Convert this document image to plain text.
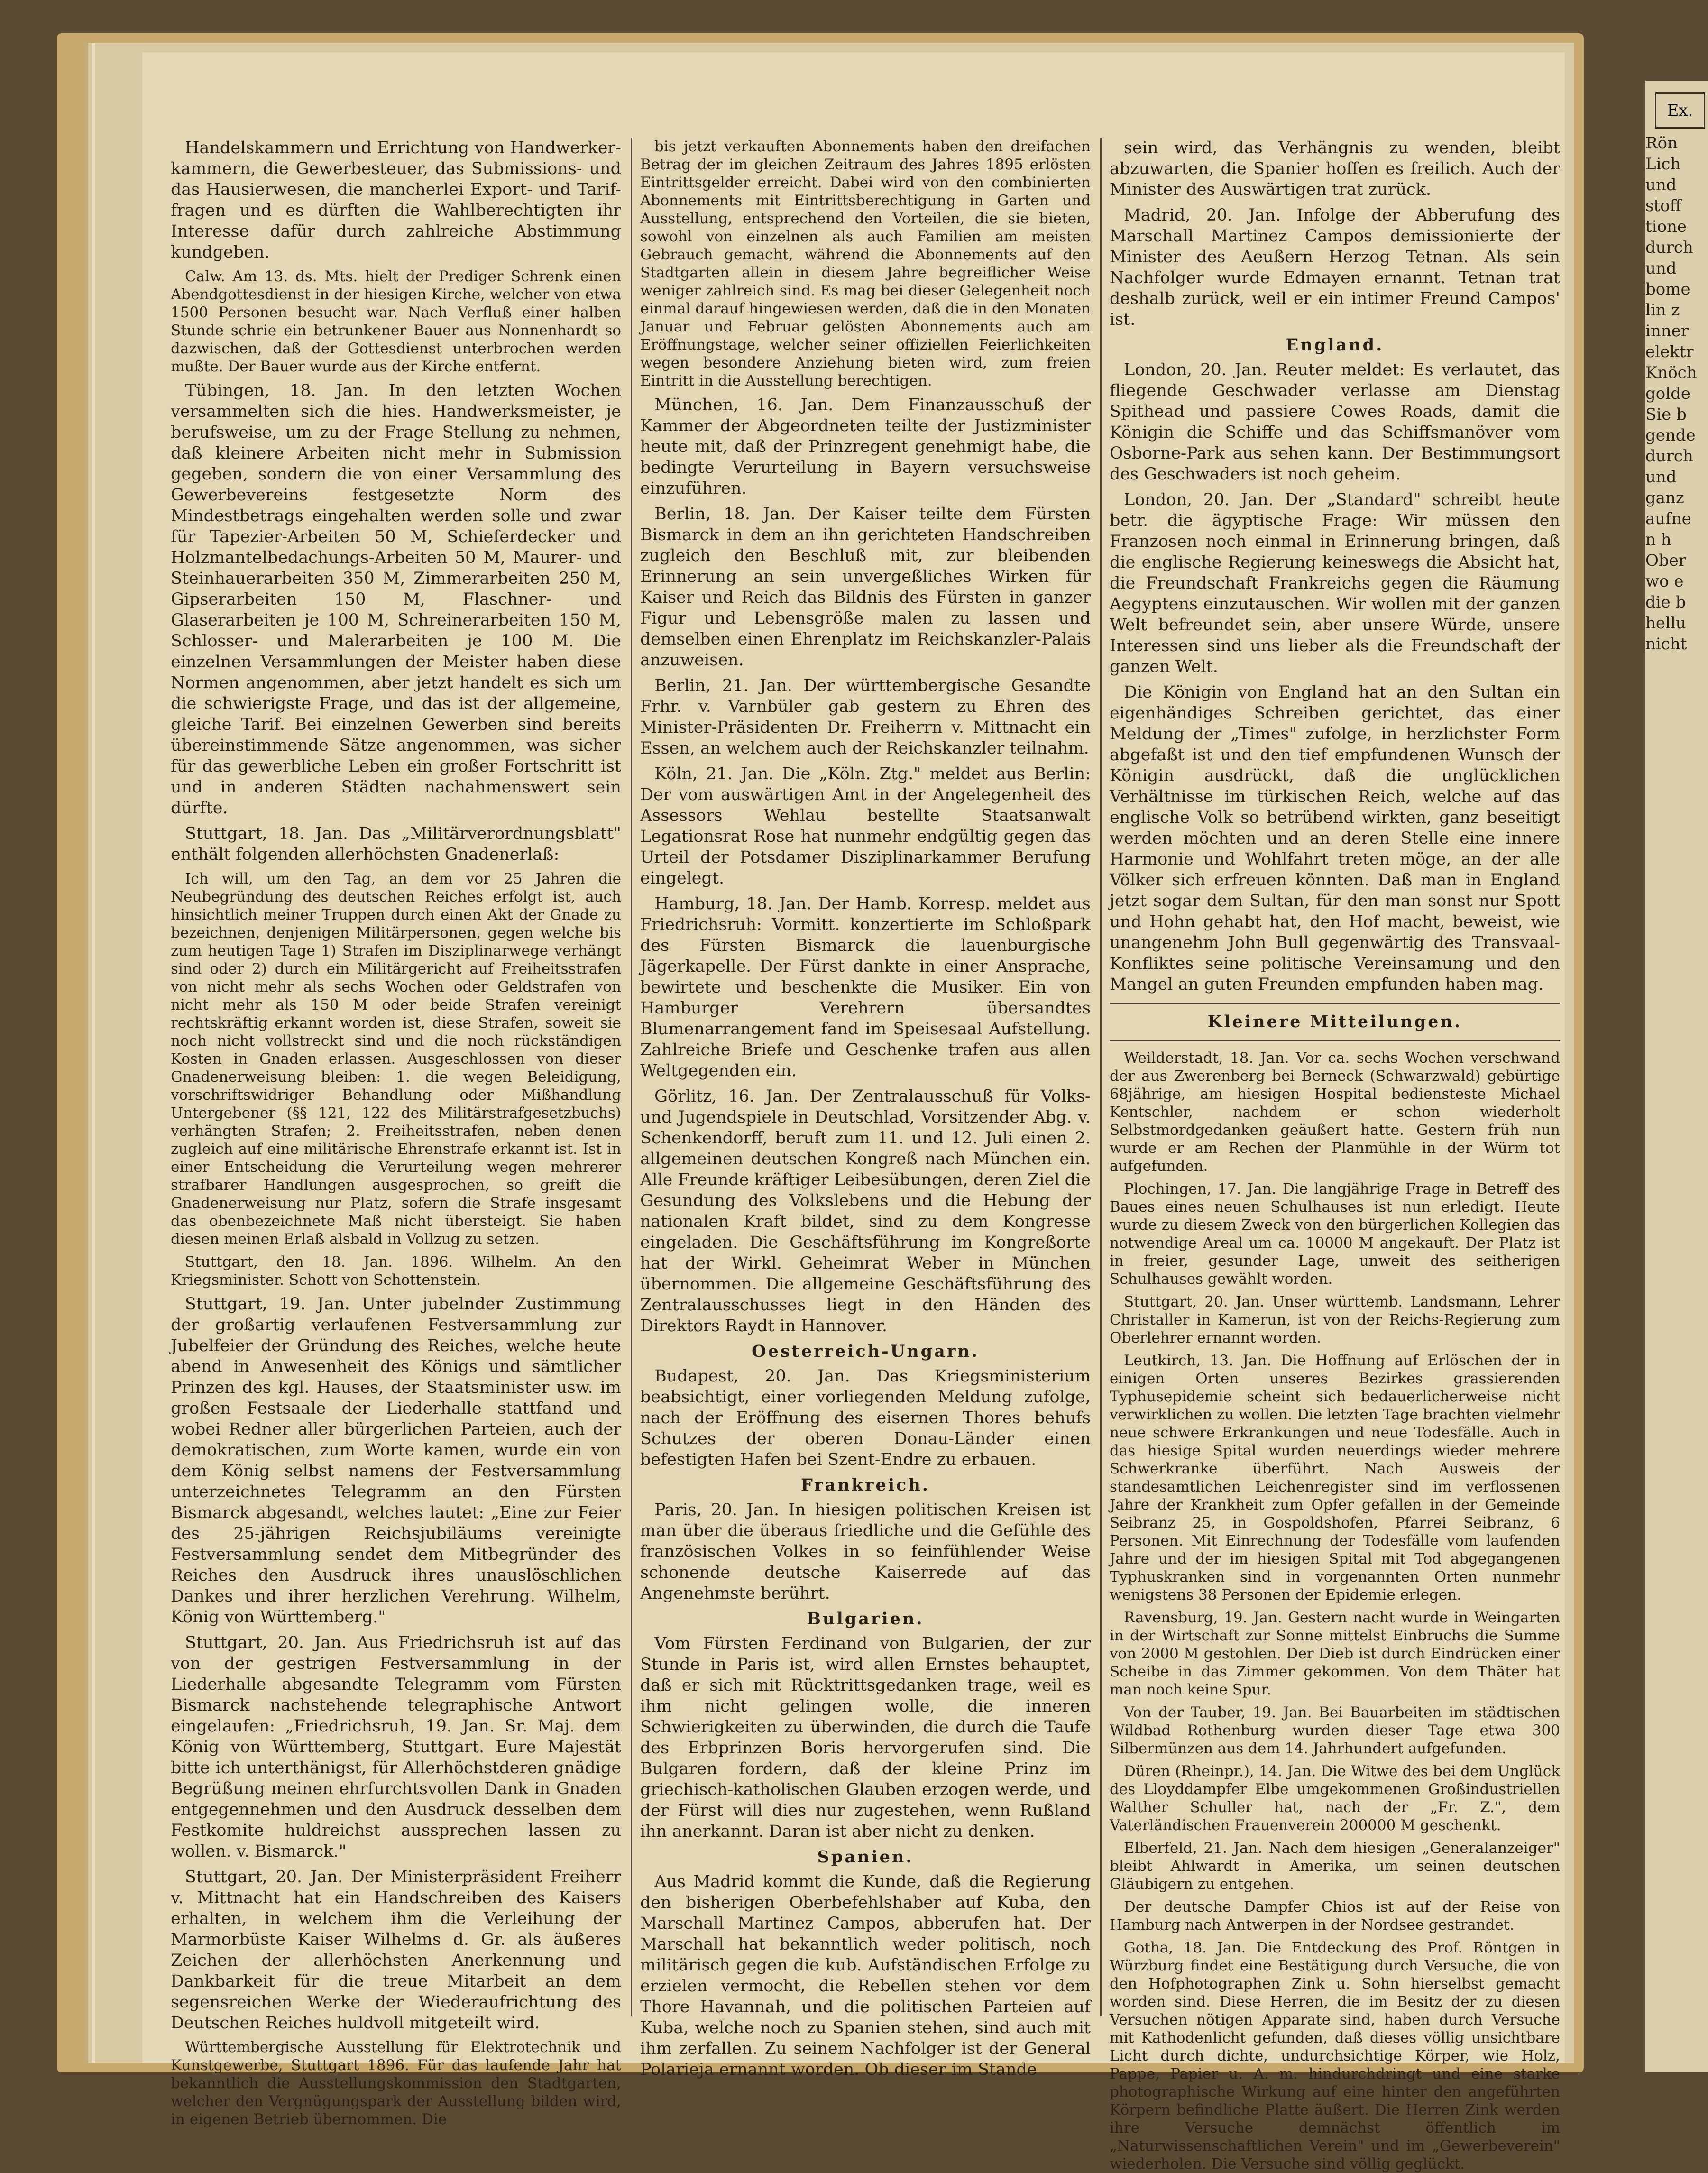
Handelskammern und Errichtung von Handwerker-kammern, die Gewerbesteuer, das Submissions- und das Hausierwesen, die mancherlei Export- und Tarif-fragen und es dürften die Wahlberechtigten ihr Interesse dafür durch zahlreiche Abstimmung kundgeben.

Calw. Am 13. ds. Mts. hielt der Prediger Schrenk einen Abendgottesdienst in der hiesigen Kirche, welcher von etwa 1500 Personen besucht war. Nach Verfluß einer halben Stunde schrie ein betrunkener Bauer aus Nonnenhardt so dazwischen, daß der Gottesdienst unterbrochen werden mußte. Der Bauer wurde aus der Kirche entfernt.

Tübingen, 18. Jan. In den letzten Wochen versammelten sich die hies. Handwerksmeister, je berufsweise, um zu der Frage Stellung zu nehmen, daß kleinere Arbeiten nicht mehr in Submission gegeben, sondern die von einer Versammlung des Gewerbevereins festgesetzte Norm des Mindestbetrags eingehalten werden solle und zwar für Tapezier-Arbeiten 50 M, Schieferdecker und Holzmantelbedachungs-Arbeiten 50 M, Maurer- und Steinhauerarbeiten 350 M, Zimmerarbeiten 250 M, Gipserarbeiten 150 M, Flaschner- und Glaserarbeiten je 100 M, Schreinerarbeiten 150 M, Schlosser- und Malerarbeiten je 100 M. Die einzelnen Versammlungen der Meister haben diese Normen angenommen, aber jetzt handelt es sich um die schwierigste Frage, und das ist der allgemeine, gleiche Tarif. Bei einzelnen Gewerben sind bereits übereinstimmende Sätze angenommen, was sicher für das gewerbliche Leben ein großer Fortschritt ist und in anderen Städten nachahmenswert sein dürfte.

Stuttgart, 18. Jan. Das „Militärverordnungsblatt" enthält folgenden allerhöchsten Gnadenerlaß:

Ich will, um den Tag, an dem vor 25 Jahren die Neubegründung des deutschen Reiches erfolgt ist, auch hinsichtlich meiner Truppen durch einen Akt der Gnade zu bezeichnen, denjenigen Militärpersonen, gegen welche bis zum heutigen Tage 1) Strafen im Disziplinarwege verhängt sind oder 2) durch ein Militärgericht auf Freiheitsstrafen von nicht mehr als sechs Wochen oder Geldstrafen von nicht mehr als 150 M oder beide Strafen vereinigt rechtskräftig erkannt worden ist, diese Strafen, soweit sie noch nicht vollstreckt sind und die noch rückständigen Kosten in Gnaden erlassen. Ausgeschlossen von dieser Gnadenerweisung bleiben: 1. die wegen Beleidigung, vorschriftswidriger Behandlung oder Mißhandlung Untergebener (§§ 121, 122 des Militärstrafgesetzbuchs) verhängten Strafen; 2. Freiheitsstrafen, neben denen zugleich auf eine militärische Ehrenstrafe erkannt ist. Ist in einer Entscheidung die Verurteilung wegen mehrerer strafbarer Handlungen ausgesprochen, so greift die Gnadenerweisung nur Platz, sofern die Strafe insgesamt das obenbezeichnete Maß nicht übersteigt. Sie haben diesen meinen Erlaß alsbald in Vollzug zu setzen.

Stuttgart, den 18. Jan. 1896. Wilhelm. An den Kriegsminister. Schott von Schottenstein.

Stuttgart, 19. Jan. Unter jubelnder Zustimmung der großartig verlaufenen Festversammlung zur Jubelfeier der Gründung des Reiches, welche heute abend in Anwesenheit des Königs und sämtlicher Prinzen des kgl. Hauses, der Staatsminister usw. im großen Festsaale der Liederhalle stattfand und wobei Redner aller bürgerlichen Parteien, auch der demokratischen, zum Worte kamen, wurde ein von dem König selbst namens der Festversammlung unterzeichnetes Telegramm an den Fürsten Bismarck abgesandt, welches lautet: „Eine zur Feier des 25-jährigen Reichsjubiläums vereinigte Festversammlung sendet dem Mitbegründer des Reiches den Ausdruck ihres unauslöschlichen Dankes und ihrer herzlichen Verehrung. Wilhelm, König von Württemberg."

Stuttgart, 20. Jan. Aus Friedrichsruh ist auf das von der gestrigen Festversammlung in der Liederhalle abgesandte Telegramm vom Fürsten Bismarck nachstehende telegraphische Antwort eingelaufen: „Friedrichsruh, 19. Jan. Sr. Maj. dem König von Württemberg, Stuttgart. Eure Majestät bitte ich unterthänigst, für Allerhöchstderen gnädige Begrüßung meinen ehrfurchtsvollen Dank in Gnaden entgegennehmen und den Ausdruck desselben dem Festkomite huldreichst aussprechen lassen zu wollen. v. Bismarck."

Stuttgart, 20. Jan. Der Ministerpräsident Freiherr v. Mittnacht hat ein Handschreiben des Kaisers erhalten, in welchem ihm die Verleihung der Marmorbüste Kaiser Wilhelms d. Gr. als äußeres Zeichen der allerhöchsten Anerkennung und Dankbarkeit für die treue Mitarbeit an dem segensreichen Werke der Wiederaufrichtung des Deutschen Reiches huldvoll mitgeteilt wird.

Württembergische Ausstellung für Elektrotechnik und Kunstgewerbe, Stuttgart 1896. Für das laufende Jahr hat bekanntlich die Ausstellungskommission den Stadtgarten, welcher den Vergnügungspark der Ausstellung bilden wird, in eigenen Betrieb übernommen. Die

bis jetzt verkauften Abonnements haben den dreifachen Betrag der im gleichen Zeitraum des Jahres 1895 erlösten Eintrittsgelder erreicht. Dabei wird von den combinierten Abonnements mit Eintrittsberechtigung in Garten und Ausstellung, entsprechend den Vorteilen, die sie bieten, sowohl von einzelnen als auch Familien am meisten Gebrauch gemacht, während die Abonnements auf den Stadtgarten allein in diesem Jahre begreiflicher Weise weniger zahlreich sind. Es mag bei dieser Gelegenheit noch einmal darauf hingewiesen werden, daß die in den Monaten Januar und Februar gelösten Abonnements auch am Eröffnungstage, welcher seiner offiziellen Feierlichkeiten wegen besondere Anziehung bieten wird, zum freien Eintritt in die Ausstellung berechtigen.

München, 16. Jan. Dem Finanzausschuß der Kammer der Abgeordneten teilte der Justizminister heute mit, daß der Prinzregent genehmigt habe, die bedingte Verurteilung in Bayern versuchsweise einzuführen.

Berlin, 18. Jan. Der Kaiser teilte dem Fürsten Bismarck in dem an ihn gerichteten Handschreiben zugleich den Beschluß mit, zur bleibenden Erinnerung an sein unvergeßliches Wirken für Kaiser und Reich das Bildnis des Fürsten in ganzer Figur und Lebensgröße malen zu lassen und demselben einen Ehrenplatz im Reichskanzler-Palais anzuweisen.

Berlin, 21. Jan. Der württembergische Gesandte Frhr. v. Varnbüler gab gestern zu Ehren des Minister-Präsidenten Dr. Freiherrn v. Mittnacht ein Essen, an welchem auch der Reichskanzler teilnahm.

Köln, 21. Jan. Die „Köln. Ztg." meldet aus Berlin: Der vom auswärtigen Amt in der Angelegenheit des Assessors Wehlau bestellte Staatsanwalt Legationsrat Rose hat nunmehr endgültig gegen das Urteil der Potsdamer Disziplinarkammer Berufung eingelegt.

Hamburg, 18. Jan. Der Hamb. Korresp. meldet aus Friedrichsruh: Vormitt. konzertierte im Schloßpark des Fürsten Bismarck die lauenburgische Jägerkapelle. Der Fürst dankte in einer Ansprache, bewirtete und beschenkte die Musiker. Ein von Hamburger Verehrern übersandtes Blumenarrangement fand im Speisesaal Aufstellung. Zahlreiche Briefe und Geschenke trafen aus allen Weltgegenden ein.

Görlitz, 16. Jan. Der Zentralausschuß für Volks- und Jugendspiele in Deutschlad, Vorsitzender Abg. v. Schenkendorff, beruft zum 11. und 12. Juli einen 2. allgemeinen deutschen Kongreß nach München ein. Alle Freunde kräftiger Leibesübungen, deren Ziel die Gesundung des Volkslebens und die Hebung der nationalen Kraft bildet, sind zu dem Kongresse eingeladen. Die Geschäftsführung im Kongreßorte hat der Wirkl. Geheimrat Weber in München übernommen. Die allgemeine Geschäftsführung des Zentralausschusses liegt in den Händen des Direktors Raydt in Hannover.

Oesterreich-Ungarn.

Budapest, 20. Jan. Das Kriegsministerium beabsichtigt, einer vorliegenden Meldung zufolge, nach der Eröffnung des eisernen Thores behufs Schutzes der oberen Donau-Länder einen befestigten Hafen bei Szent-Endre zu erbauen.

Frankreich.

Paris, 20. Jan. In hiesigen politischen Kreisen ist man über die überaus friedliche und die Gefühle des französischen Volkes in so feinfühlender Weise schonende deutsche Kaiserrede auf das Angenehmste berührt.

Bulgarien.

Vom Fürsten Ferdinand von Bulgarien, der zur Stunde in Paris ist, wird allen Ernstes behauptet, daß er sich mit Rücktrittsgedanken trage, weil es ihm nicht gelingen wolle, die inneren Schwierigkeiten zu überwinden, die durch die Taufe des Erbprinzen Boris hervorgerufen sind. Die Bulgaren fordern, daß der kleine Prinz im griechisch-katholischen Glauben erzogen werde, und der Fürst will dies nur zugestehen, wenn Rußland ihn anerkannt. Daran ist aber nicht zu denken.

Spanien.

Aus Madrid kommt die Kunde, daß die Regierung den bisherigen Oberbefehlshaber auf Kuba, den Marschall Martinez Campos, abberufen hat. Der Marschall hat bekanntlich weder politisch, noch militärisch gegen die kub. Aufständischen Erfolge zu erzielen vermocht, die Rebellen stehen vor dem Thore Havannah, und die politischen Parteien auf Kuba, welche noch zu Spanien stehen, sind auch mit ihm zerfallen. Zu seinem Nachfolger ist der General Polarieja ernannt worden. Ob dieser im Stande

sein wird, das Verhängnis zu wenden, bleibt abzuwarten, die Spanier hoffen es freilich. Auch der Minister des Auswärtigen trat zurück.

Madrid, 20. Jan. Infolge der Abberufung des Marschall Martinez Campos demissionierte der Minister des Aeußern Herzog Tetnan. Als sein Nachfolger wurde Edmayen ernannt. Tetnan trat deshalb zurück, weil er ein intimer Freund Campos' ist.

England.

London, 20. Jan. Reuter meldet: Es verlautet, das fliegende Geschwader verlasse am Dienstag Spithead und passiere Cowes Roads, damit die Königin die Schiffe und das Schiffsmanöver vom Osborne-Park aus sehen kann. Der Bestimmungsort des Geschwaders ist noch geheim.

London, 20. Jan. Der „Standard" schreibt heute betr. die ägyptische Frage: Wir müssen den Franzosen noch einmal in Erinnerung bringen, daß die englische Regierung keineswegs die Absicht hat, die Freundschaft Frankreichs gegen die Räumung Aegyptens einzutauschen. Wir wollen mit der ganzen Welt befreundet sein, aber unsere Würde, unsere Interessen sind uns lieber als die Freundschaft der ganzen Welt.

Die Königin von England hat an den Sultan ein eigenhändiges Schreiben gerichtet, das einer Meldung der „Times" zufolge, in herzlichster Form abgefaßt ist und den tief empfundenen Wunsch der Königin ausdrückt, daß die unglücklichen Verhältnisse im türkischen Reich, welche auf das englische Volk so betrübend wirkten, ganz beseitigt werden möchten und an deren Stelle eine innere Harmonie und Wohlfahrt treten möge, an der alle Völker sich erfreuen könnten. Daß man in England jetzt sogar dem Sultan, für den man sonst nur Spott und Hohn gehabt hat, den Hof macht, beweist, wie unangenehm John Bull gegenwärtig des Transvaal-Konfliktes seine politische Vereinsamung und den Mangel an guten Freunden empfunden haben mag.

Kleinere Mitteilungen.

Weilderstadt, 18. Jan. Vor ca. sechs Wochen verschwand der aus Zwerenberg bei Berneck (Schwarzwald) gebürtige 68jährige, am hiesigen Hospital bediensteste Michael Kentschler, nachdem er schon wiederholt Selbstmordgedanken geäußert hatte. Gestern früh nun wurde er am Rechen der Planmühle in der Würm tot aufgefunden.

Plochingen, 17. Jan. Die langjährige Frage in Betreff des Baues eines neuen Schulhauses ist nun erledigt. Heute wurde zu diesem Zweck von den bürgerlichen Kollegien das notwendige Areal um ca. 10000 M angekauft. Der Platz ist in freier, gesunder Lage, unweit des seitherigen Schulhauses gewählt worden.

Stuttgart, 20. Jan. Unser württemb. Landsmann, Lehrer Christaller in Kamerun, ist von der Reichs-Regierung zum Oberlehrer ernannt worden.

Leutkirch, 13. Jan. Die Hoffnung auf Erlöschen der in einigen Orten unseres Bezirkes grassierenden Typhusepidemie scheint sich bedauerlicherweise nicht verwirklichen zu wollen. Die letzten Tage brachten vielmehr neue schwere Erkrankungen und neue Todesfälle. Auch in das hiesige Spital wurden neuerdings wieder mehrere Schwerkranke überführt. Nach Ausweis der standesamtlichen Leichenregister sind im verflossenen Jahre der Krankheit zum Opfer gefallen in der Gemeinde Seibranz 25, in Gospoldshofen, Pfarrei Seibranz, 6 Personen. Mit Einrechnung der Todesfälle vom laufenden Jahre und der im hiesigen Spital mit Tod abgegangenen Typhuskranken sind in vorgenannten Orten nunmehr wenigstens 38 Personen der Epidemie erlegen.

Ravensburg, 19. Jan. Gestern nacht wurde in Weingarten in der Wirtschaft zur Sonne mittelst Einbruchs die Summe von 2000 M gestohlen. Der Dieb ist durch Eindrücken einer Scheibe in das Zimmer gekommen. Von dem Thäter hat man noch keine Spur.

Von der Tauber, 19. Jan. Bei Bauarbeiten im städtischen Wildbad Rothenburg wurden dieser Tage etwa 300 Silbermünzen aus dem 14. Jahrhundert aufgefunden.

Düren (Rheinpr.), 14. Jan. Die Witwe des bei dem Unglück des Lloyddampfer Elbe umgekommenen Großindustriellen Walther Schuller hat, nach der „Fr. Z.", dem Vaterländischen Frauenverein 200000 M geschenkt.

Elberfeld, 21. Jan. Nach dem hiesigen „Generalanzeiger" bleibt Ahlwardt in Amerika, um seinen deutschen Gläubigern zu entgehen.

Der deutsche Dampfer Chios ist auf der Reise von Hamburg nach Antwerpen in der Nordsee gestrandet.

Gotha, 18. Jan. Die Entdeckung des Prof. Röntgen in Würzburg findet eine Bestätigung durch Versuche, die von den Hofphotographen Zink u. Sohn hierselbst gemacht worden sind. Diese Herren, die im Besitz der zu diesen Versuchen nötigen Apparate sind, haben durch Versuche mit Kathodenlicht gefunden, daß dieses völlig unsichtbare Licht durch dichte, undurchsichtige Körper, wie Holz, Pappe, Papier u. A. m. hindurchdringt und eine starke photographische Wirkung auf eine hinter den angeführten Körpern befindliche Platte äußert. Die Herren Zink werden ihre Versuche demnächst öffentlich im „Naturwissenschaftlichen Verein" und im „Gewerbeverein" wiederholen. Die Versuche sind völlig geglückt.

Rön
Lich
und
stoff
tione
durch
und
bome
lin z
inner
elektr
Knöch
golde
Sie b
gende
durch
und
ganz
aufne
n h
Ober
wo e
die b
hellu
nicht
Ex.
